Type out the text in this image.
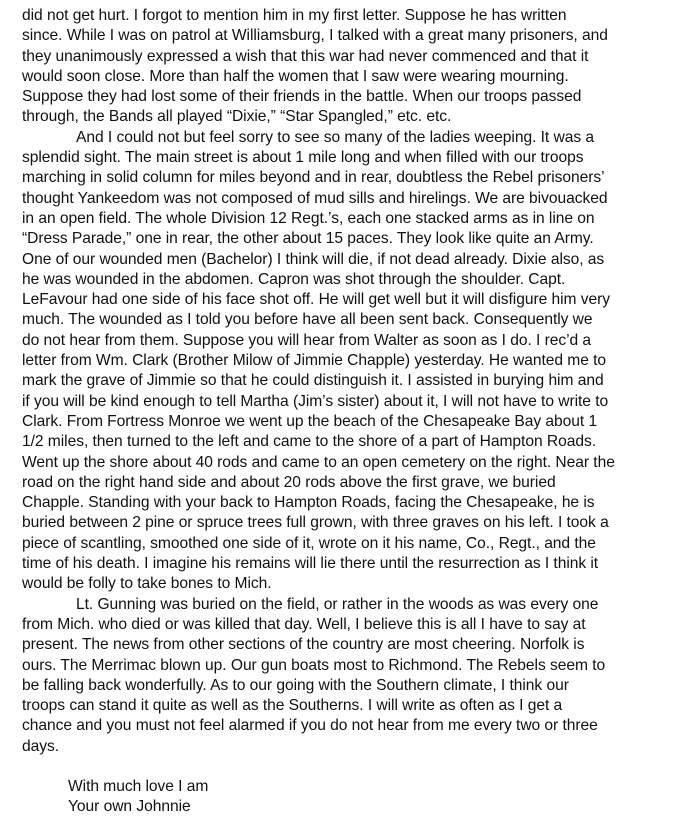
did not get hurt. I forgot to mention him in my first letter. Suppose he has written
since. While I was on patrol at Williamsburg, I talked with a great many prisoners, and
they unanimously expressed a wish that this war had never commenced and that it
would soon close. More than half the women that I saw were wearing mourning.
Suppose they had lost some of their friends in the battle. When our troops passed
through, the Bands all played “Dixie,” “Star Spangled,” etc. etc.

And I could not but feel sorry to see so many of the ladies weeping. It was a
splendid sight. The main street is about 1 mile long and when filled with our troops
marching in solid column for miles beyond and in rear, doubtless the Rebel prisoners’
thought Yankeedom was not composed of mud sills and hirelings. We are bivouacked
in an open field. The whole Division 12 Regt.’s, each one stacked arms as in line on
“Dress Parade,” one in rear, the other about 15 paces. They look like quite an Army.
One of our wounded men (Bachelor) I think will die, if not dead already. Dixie also, as
he was wounded in the abdomen. Capron was shot through the shoulder. Capt.
LeFavour had one side of his face shot off. He will get well but it will disfigure him very
much. The wounded as I told you before have all been sent back. Consequently we
do not hear from them. Suppose you will hear from Walter as soon as I do. I rec’d a
letter from Wm. Clark (Brother Milow of Jimmie Chapple) yesterday. He wanted me to
mark the grave of Jimmie so that he could distinguish it. I assisted in burying him and
if you will be kind enough to tell Martha (Jim’s sister) about it, I will not have to write to
Clark. From Fortress Monroe we went up the beach of the Chesapeake Bay about 1
1/2 miles, then turned to the left and came to the shore of a part of Hampton Roads.
Went up the shore about 40 rods and came to an open cemetery on the right. Near the
road on the right hand side and about 20 rods above the first grave, we buried
Chapple. Standing with your back to Hampton Roads, facing the Chesapeake, he is
buried between 2 pine or spruce trees full grown, with three graves on his left. I took a
piece of scantling, smoothed one side of it, wrote on it his name, Co., Regt., and the
time of his death. I imagine his remains will lie there until the resurrection as I think it
would be folly to take bones to Mich.

Lt. Gunning was buried on the field, or rather in the woods as was every one
from Mich. who died or was killed that day. Well, I believe this is all I have to say at
present. The news from other sections of the country are most cheering. Norfolk is
ours. The Merrimac blown up. Our gun boats most to Richmond. The Rebels seem to
be falling back wonderfully. As to our going with the Southern climate, I think our
troops can stand it quite as well as the Southerns. I will write as often as I get a
chance and you must not feel alarmed if you do not hear from me every two or three
days.

With much love I am
Your own Johnnie
